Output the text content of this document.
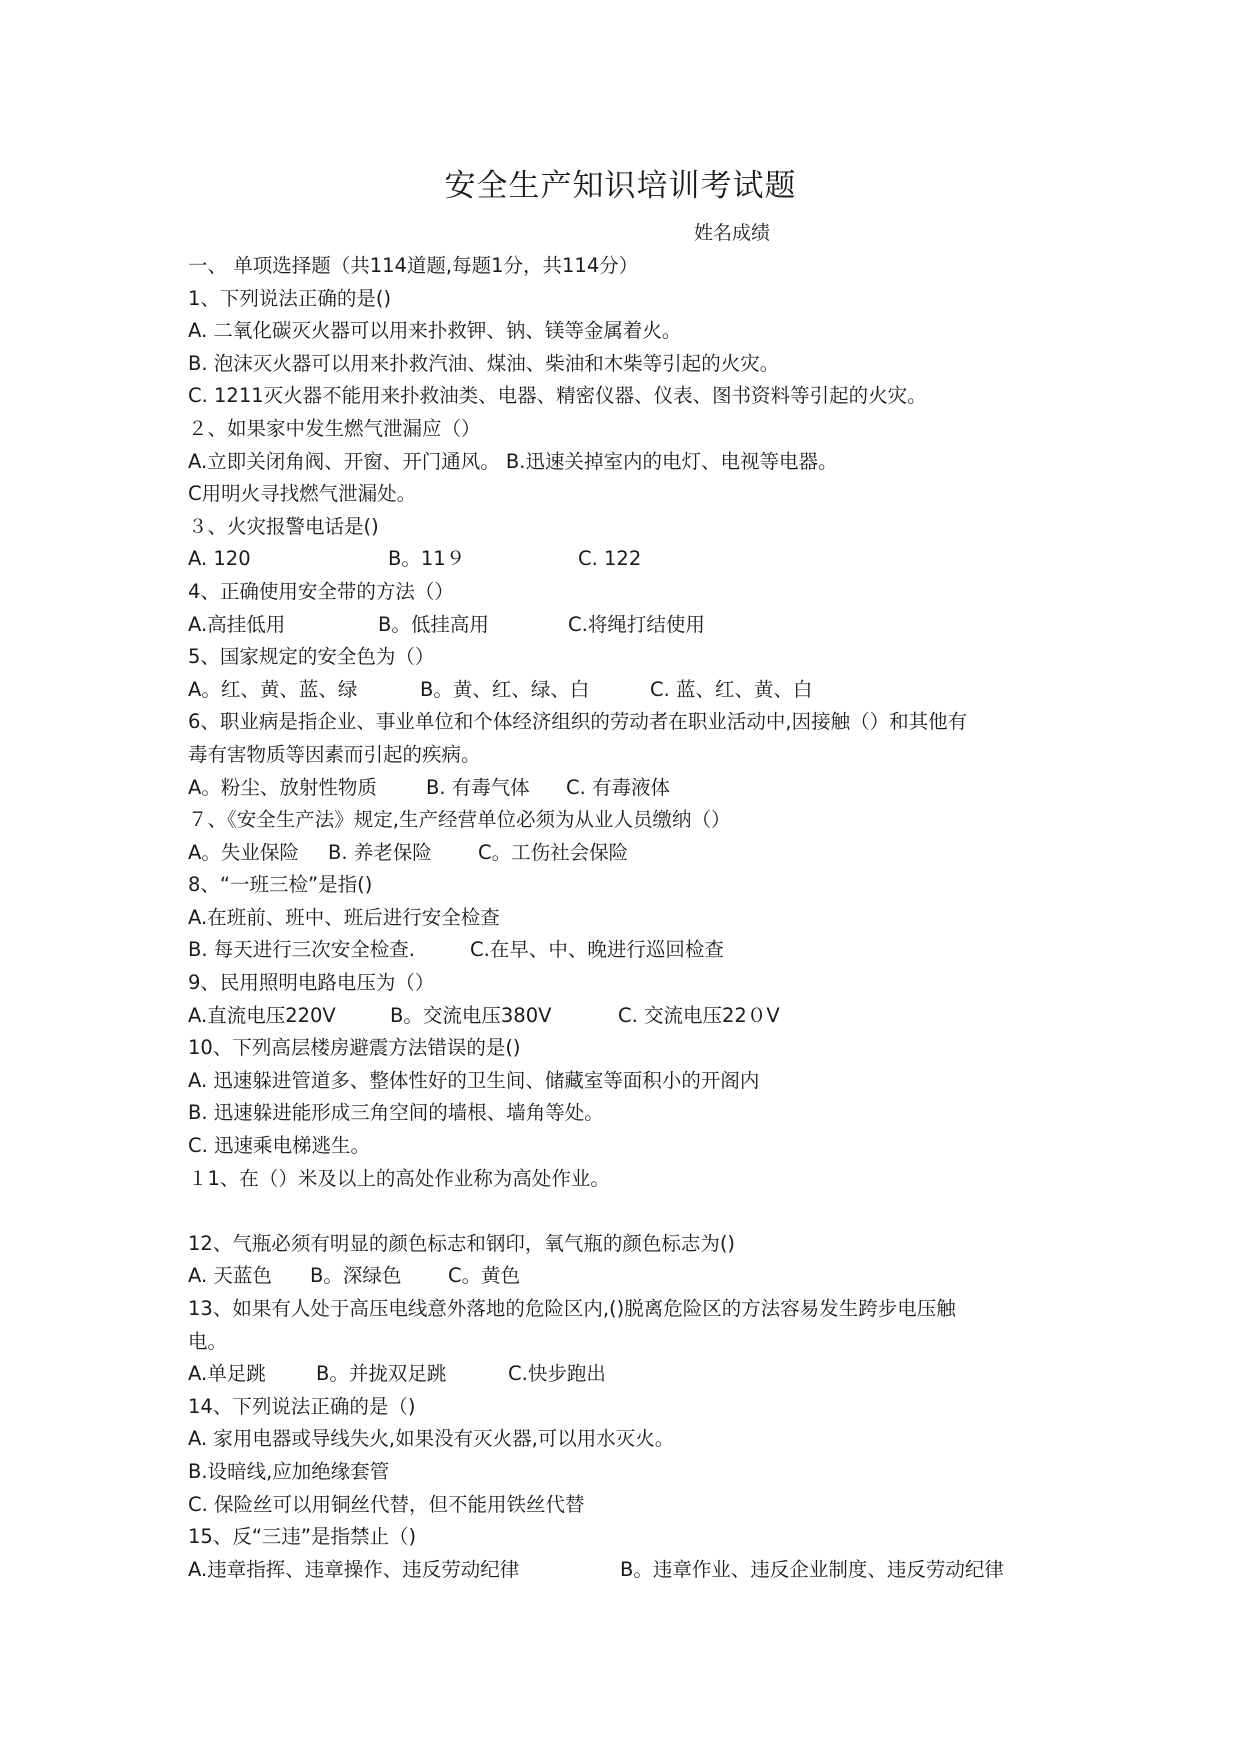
安全生产知识培训考试题
姓名成绩
一、 单项选择题（共114道题,每题1分，共114分）
1、下列说法正确的是()
A. 二氧化碳灭火器可以用来扑救钾、钠、镁等金属着火。
B. 泡沫灭火器可以用来扑救汽油、煤油、柴油和木柴等引起的火灾。
C. 1211灭火器不能用来扑救油类、电器、精密仪器、仪表、图书资料等引起的火灾。
２、如果家中发生燃气泄漏应（）
A.立即关闭角阀、开窗、开门通风。 B.迅速关掉室内的电灯、电视等电器。
C用明火寻找燃气泄漏处。
３、火灾报警电话是()
A. 120	B。11９	C. 122
4、正确使用安全带的方法（）
A.高挂低用	B。低挂高用	C.将绳打结使用
5、国家规定的安全色为（）
A。红、黄、蓝、绿	B。黄、红、绿、白	C. 蓝、红、黄、白
6、职业病是指企业、事业单位和个体经济组织的劳动者在职业活动中,因接触（）和其他有
毒有害物质等因素而引起的疾病。
A。粉尘、放射性物质	B. 有毒气体 C. 有毒液体
７、《安全生产法》规定,生产经营单位必须为从业人员缴纳（）
A。失业保险 B. 养老保险 C。工伤社会保险
8、“一班三检”是指()
A.在班前、班中、班后进行安全检查
B. 每天进行三次安全检查.	C.在早、中、晚进行巡回检查
9、民用照明电路电压为（）
A.直流电压220V	B。交流电压380V	C. 交流电压22０V
10、下列高层楼房避震方法错误的是()
A. 迅速躲进管道多、整体性好的卫生间、储藏室等面积小的开阁内
B. 迅速躲进能形成三角空间的墙根、墙角等处。
C. 迅速乘电梯逃生。
１1、在（）米及以上的高处作业称为高处作业。
12、气瓶必须有明显的颜色标志和钢印，氧气瓶的颜色标志为()
A. 天蓝色 B。深绿色 C。黄色
13、如果有人处于高压电线意外落地的危险区内,()脱离危险区的方法容易发生跨步电压触
电。
A.单足跳	B。并拢双足跳	C.快步跑出
14、下列说法正确的是（)
A. 家用电器或导线失火,如果没有灭火器,可以用水灭火。
B.设暗线,应加绝缘套管
C. 保险丝可以用铜丝代替，但不能用铁丝代替
15、反“三违”是指禁止（)
A.违章指挥、违章操作、违反劳动纪律	B。违章作业、违反企业制度、违反劳动纪律
